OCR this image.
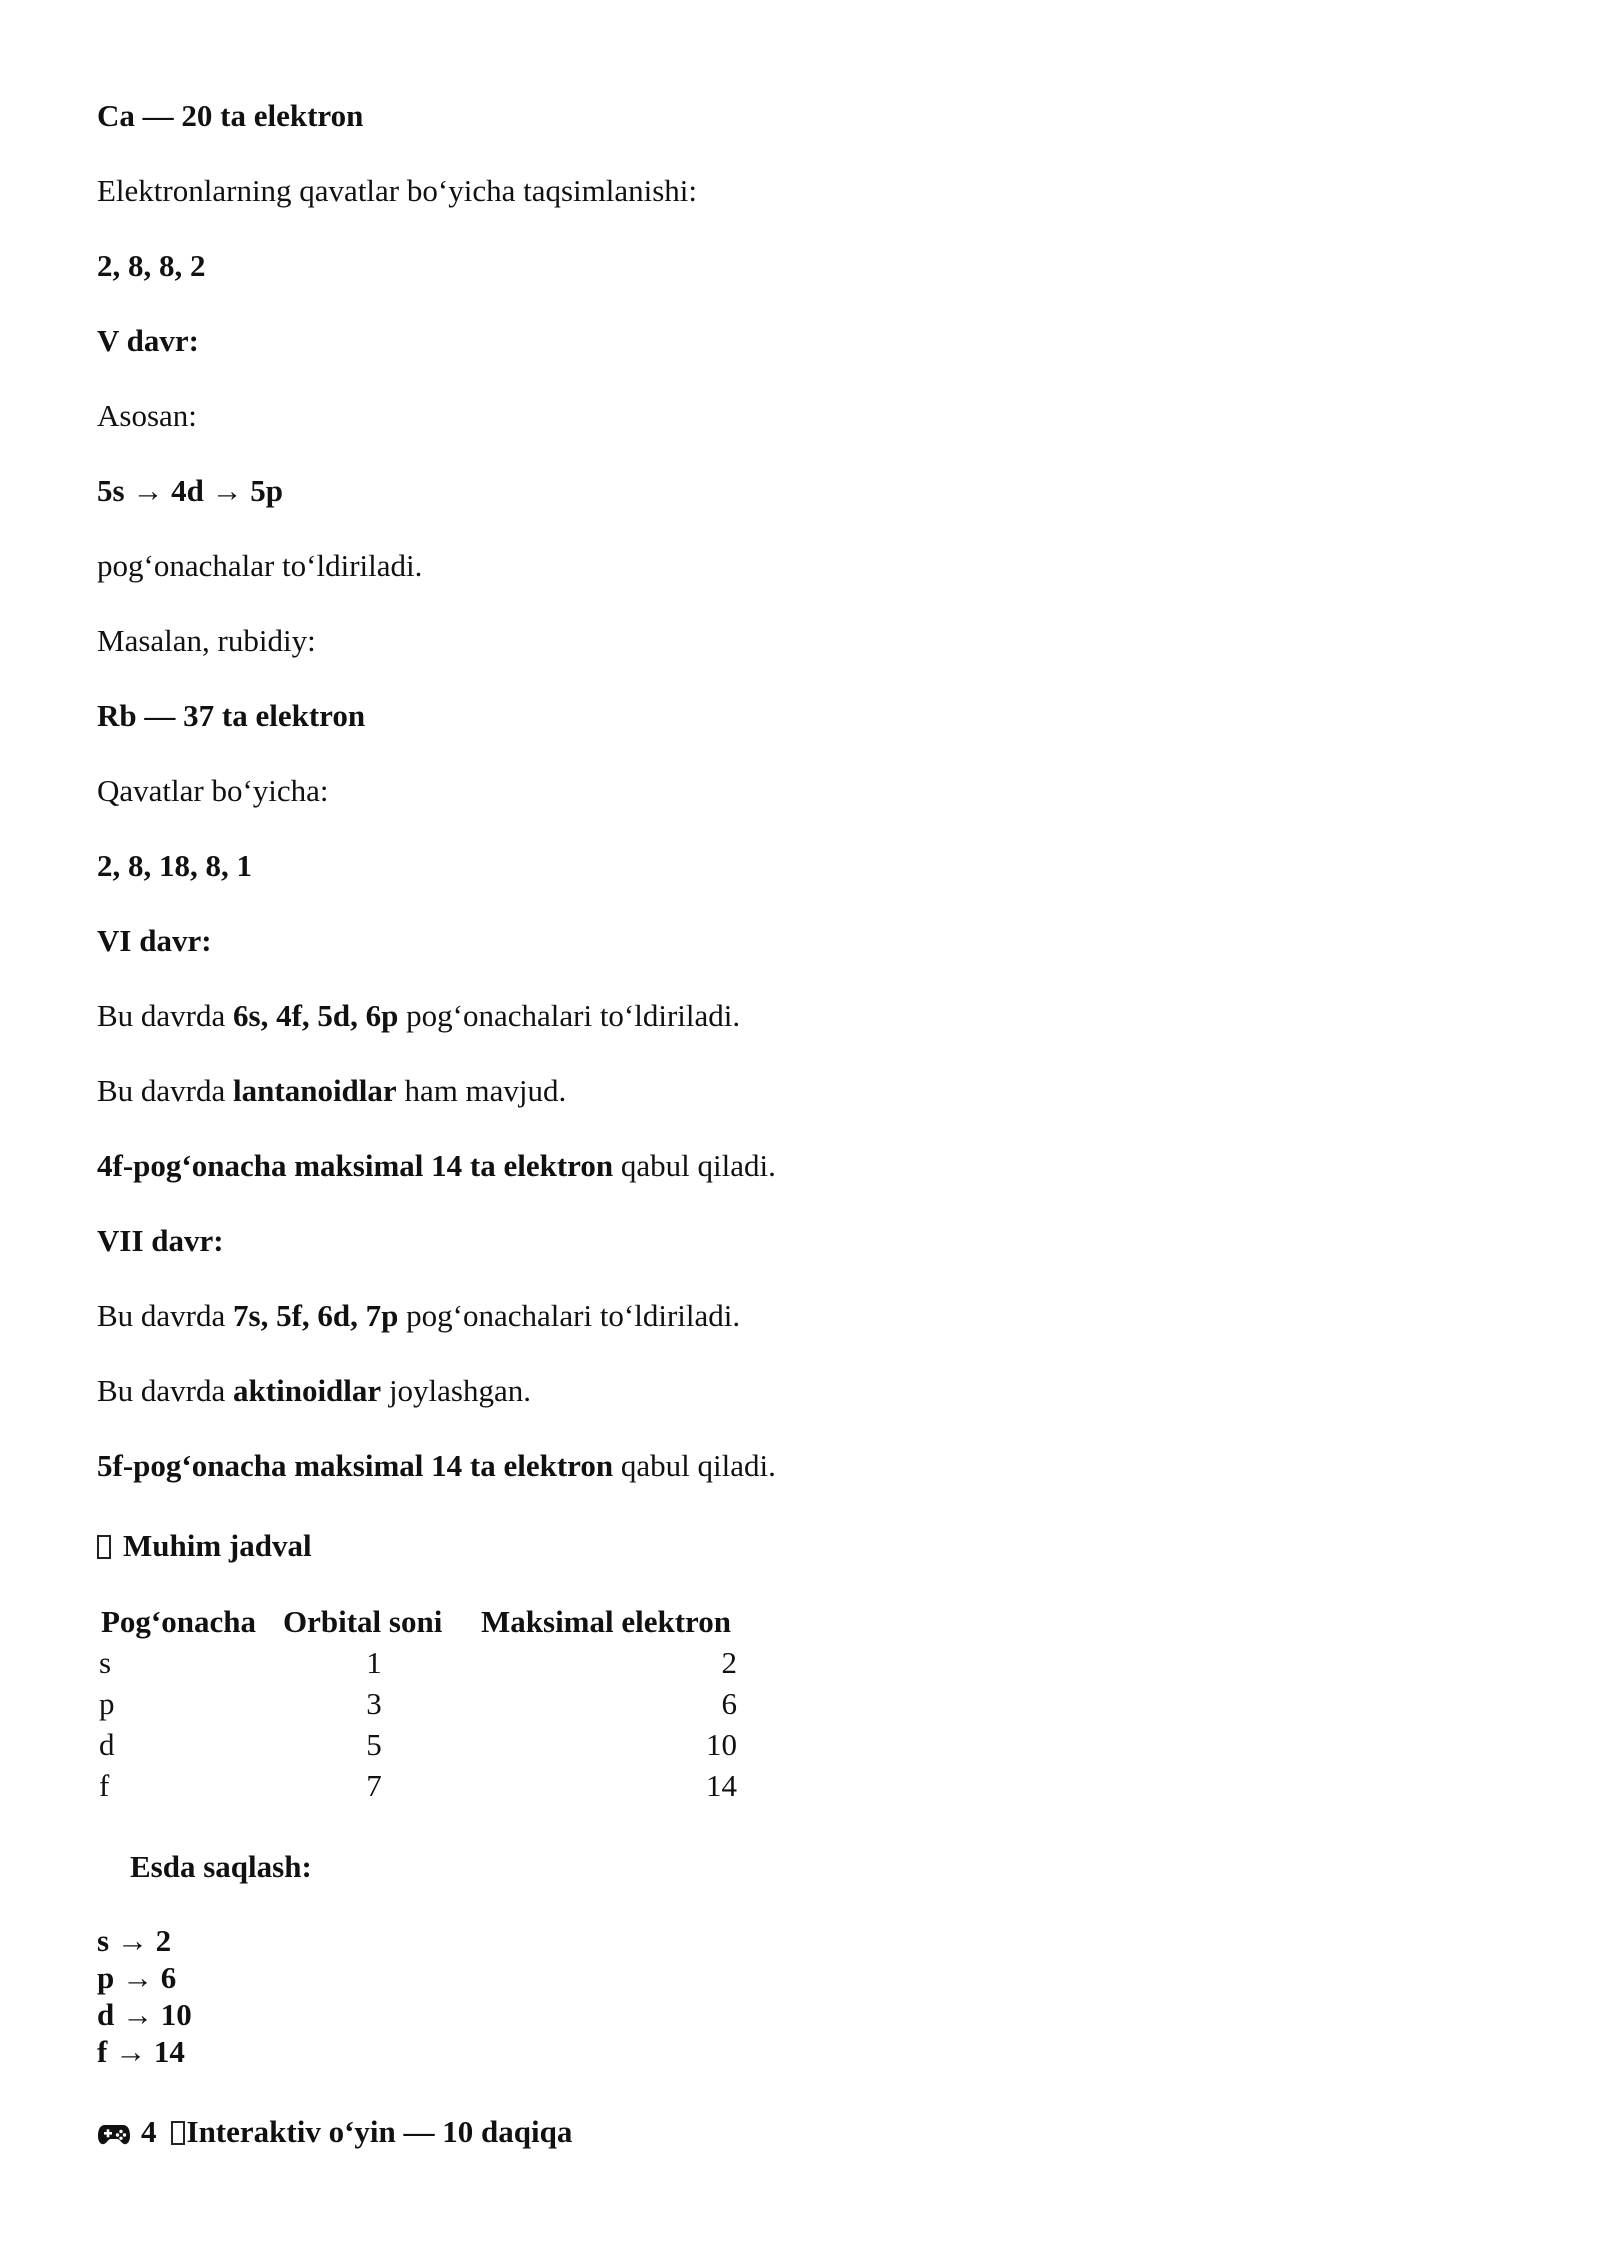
Ca — 20 ta elektron
Elektronlarning qavatlar bo‘yicha taqsimlanishi:
2, 8, 8, 2
V davr:
Asosan:
5s → 4d → 5p
pog‘onachalar to‘ldiriladi.
Masalan, rubidiy:
Rb — 37 ta elektron
Qavatlar bo‘yicha:
2, 8, 18, 8, 1
VI davr:
Bu davrda 6s, 4f, 5d, 6p pog‘onachalari to‘ldiriladi.
Bu davrda lantanoidlar ham mavjud.
4f-pog‘onacha maksimal 14 ta elektron qabul qiladi.
VII davr:
Bu davrda 7s, 5f, 6d, 7p pog‘onachalari to‘ldiriladi.
Bu davrda aktinoidlar joylashgan.
5f-pog‘onacha maksimal 14 ta elektron qabul qiladi.
Muhim jadval
Pog‘onacha	Orbital soni	Maksimal elektron
s	1	2
p	3	6
d	5	10
f	7	14
Esda saqlash:
s → 2
p → 6
d → 10
f → 14
4 Interaktiv o‘yin — 10 daqiqa
